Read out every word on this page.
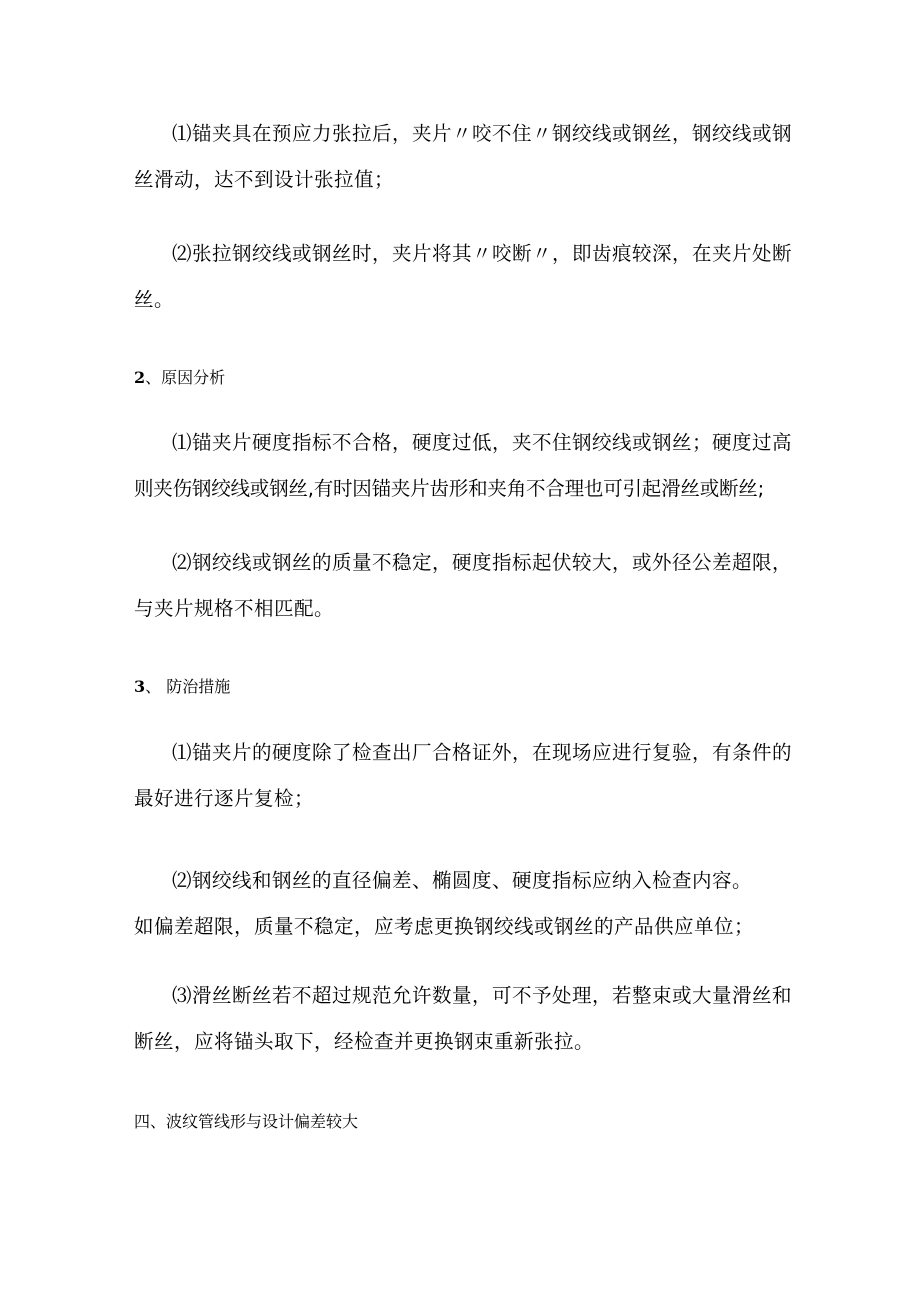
⑴锚夹具在预应力张拉后，夹片〃咬不住〃钢绞线或钢丝，钢绞线或钢
丝滑动，达不到设计张拉值；

⑵张拉钢绞线或钢丝时，夹片将其〃咬断〃，即齿痕较深，在夹片处断
丝。

2、原因分析

⑴锚夹片硬度指标不合格，硬度过低，夹不住钢绞线或钢丝；硬度过高
则夹伤钢绞线或钢丝,有时因锚夹片齿形和夹角不合理也可引起滑丝或断丝;

⑵钢绞线或钢丝的质量不稳定，硬度指标起伏较大，或外径公差超限，
与夹片规格不相匹配。

3、 防治措施

⑴锚夹片的硬度除了检查出厂合格证外，在现场应进行复验，有条件的
最好进行逐片复检；

⑵钢绞线和钢丝的直径偏差、椭圆度、硬度指标应纳入检查内容。
如偏差超限，质量不稳定，应考虑更换钢绞线或钢丝的产品供应单位；

⑶滑丝断丝若不超过规范允许数量，可不予处理，若整束或大量滑丝和
断丝，应将锚头取下，经检查并更换钢束重新张拉。

四、波纹管线形与设计偏差较大
